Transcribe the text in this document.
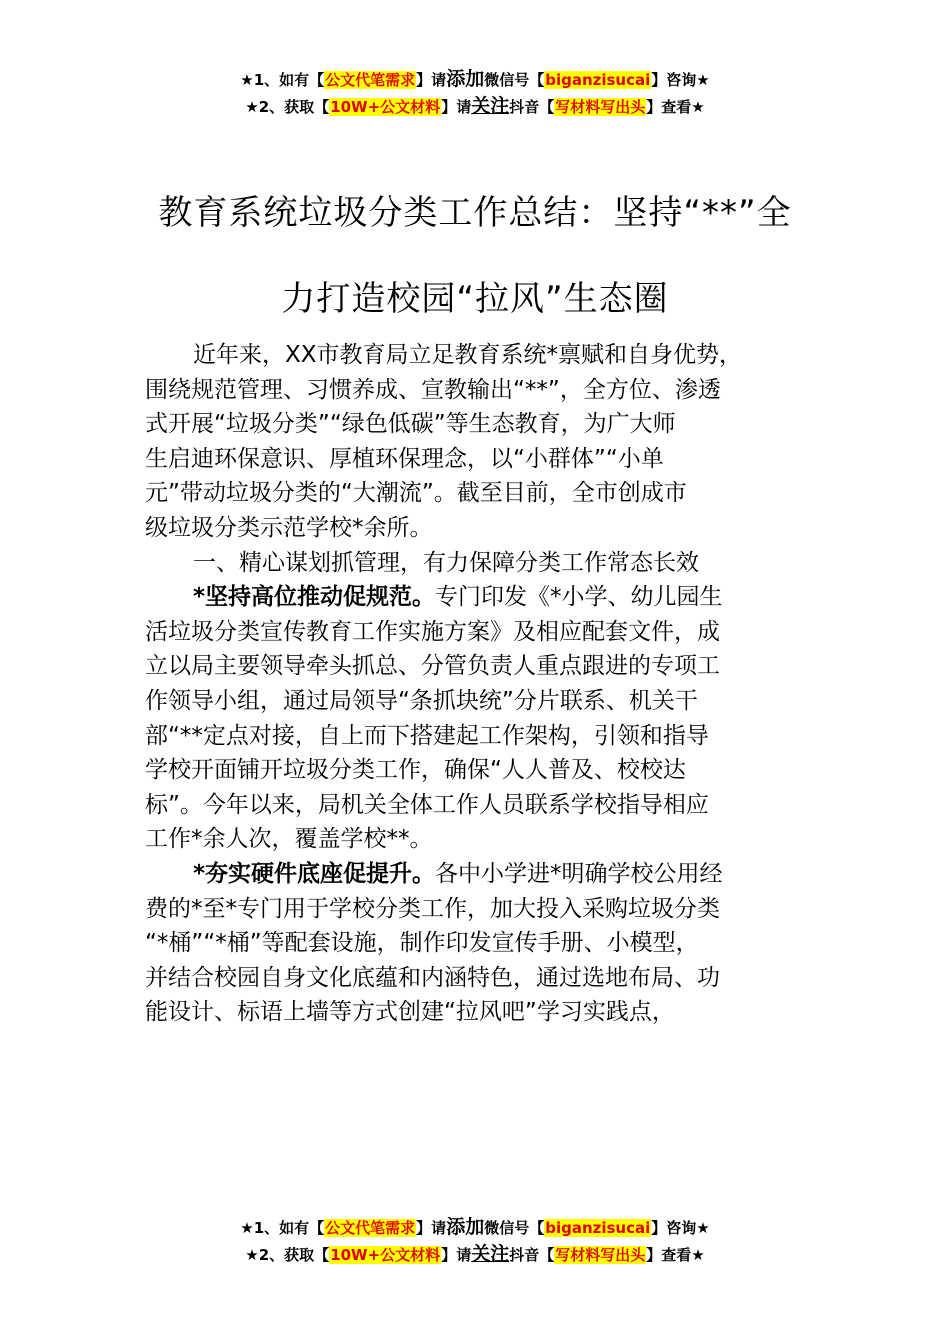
★1、如有【公文代笔需求】请添加微信号【biganzisucai】咨询★
★2、获取【10W+公文材料】请关注抖音【写材料写出头】查看★
教育系统垃圾分类工作总结：坚持“**”全
力打造校园“拉风”生态圈
近年来，XX市教育局立足教育系统*禀赋和自身优势，
围绕规范管理、习惯养成、宣教输出“**”，全方位、渗透
式开展“垃圾分类”“绿色低碳”等生态教育，为广大师
生启迪环保意识、厚植环保理念，以“小群体”“小单
元”带动垃圾分类的“大潮流”。截至目前，全市创成市
级垃圾分类示范学校*余所。
一、精心谋划抓管理，有力保障分类工作常态长效
*坚持高位推动促规范。专门印发《*小学、幼儿园生
活垃圾分类宣传教育工作实施方案》及相应配套文件，成
立以局主要领导牵头抓总、分管负责人重点跟进的专项工
作领导小组，通过局领导“条抓块统”分片联系、机关干
部“**定点对接，自上而下搭建起工作架构，引领和指导
学校开面铺开垃圾分类工作，确保“人人普及、校校达
标”。今年以来，局机关全体工作人员联系学校指导相应
工作*余人次，覆盖学校**。
*夯实硬件底座促提升。各中小学进*明确学校公用经
费的*至*专门用于学校分类工作，加大投入采购垃圾分类
“*桶”“*桶”等配套设施，制作印发宣传手册、小模型，
并结合校园自身文化底蕴和内涵特色，通过选地布局、功
能设计、标语上墙等方式创建“拉风吧”学习实践点，
★1、如有【公文代笔需求】请添加微信号【biganzisucai】咨询★
★2、获取【10W+公文材料】请关注抖音【写材料写出头】查看★
